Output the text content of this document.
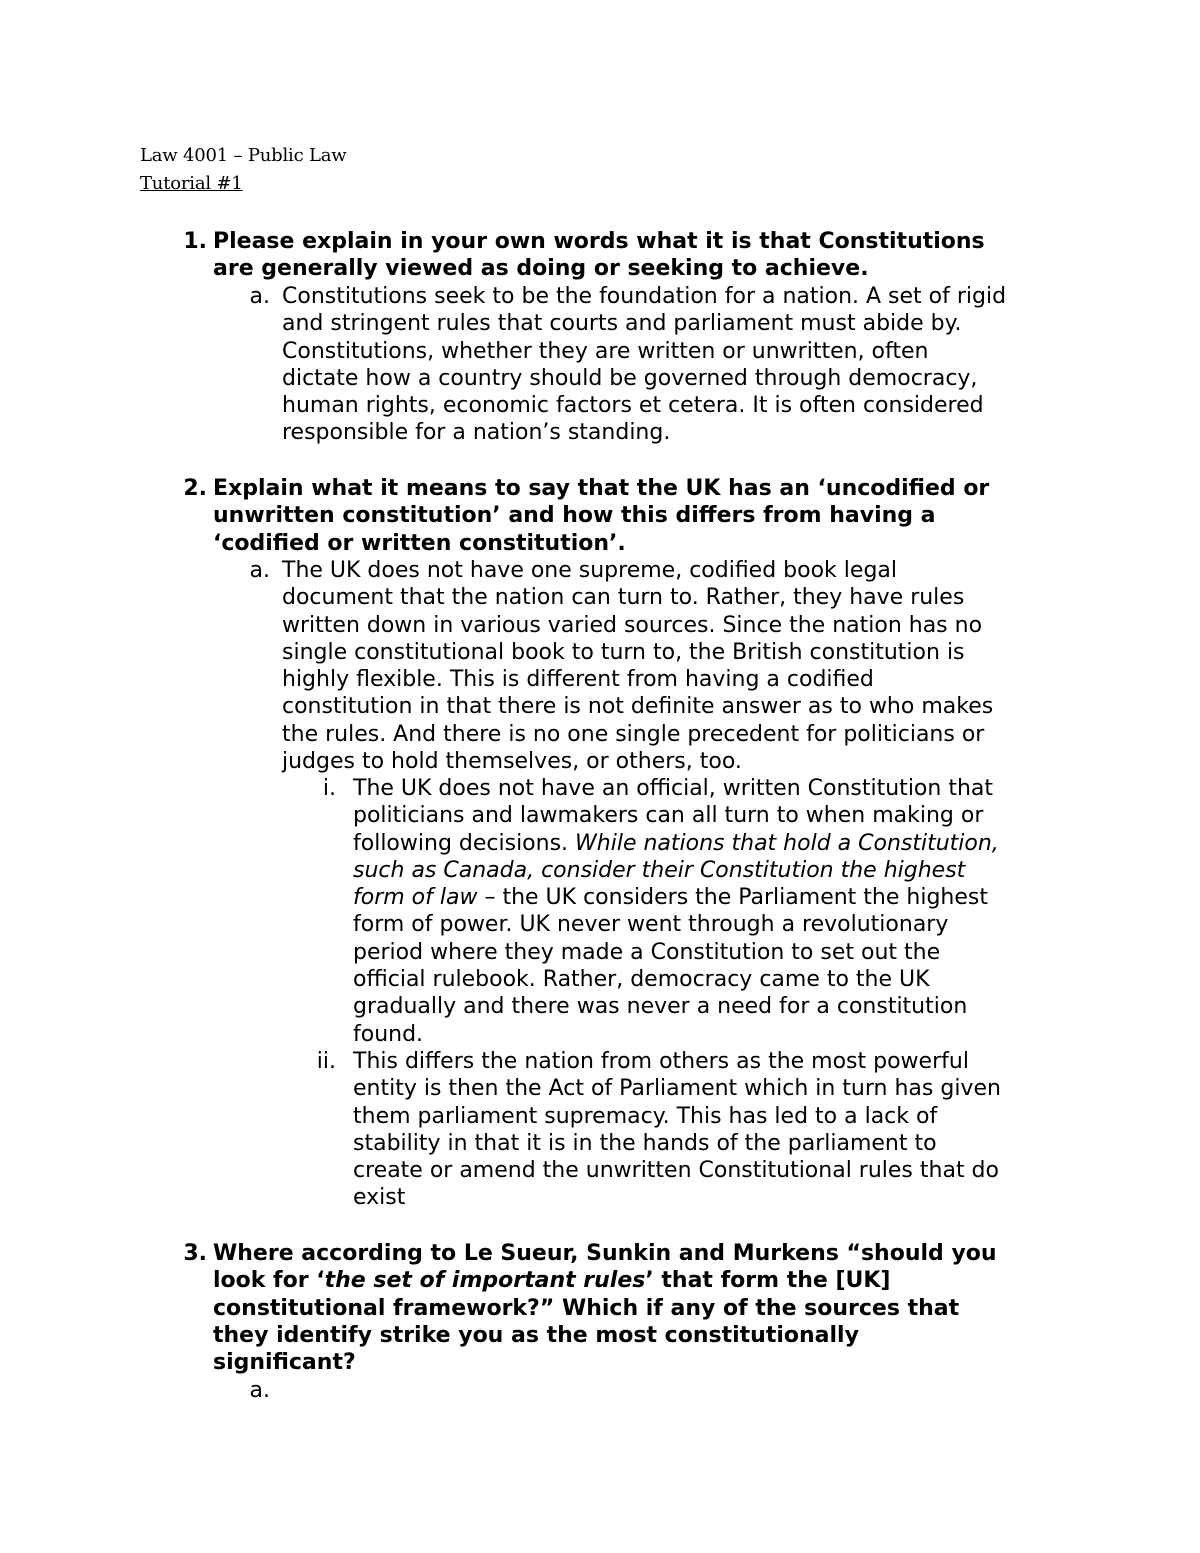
Law 4001 – Public Law
Tutorial #1
1. Please explain in your own words what it is that Constitutions
are generally viewed as doing or seeking to achieve.
a. Constitutions seek to be the foundation for a nation. A set of rigid
and stringent rules that courts and parliament must abide by.
Constitutions, whether they are written or unwritten, often
dictate how a country should be governed through democracy,
human rights, economic factors et cetera. It is often considered
responsible for a nation’s standing.
2. Explain what it means to say that the UK has an ‘uncodified or
unwritten constitution’ and how this differs from having a
‘codified or written constitution’.
a. The UK does not have one supreme, codified book legal
document that the nation can turn to. Rather, they have rules
written down in various varied sources. Since the nation has no
single constitutional book to turn to, the British constitution is
highly flexible. This is different from having a codified
constitution in that there is not definite answer as to who makes
the rules. And there is no one single precedent for politicians or
judges to hold themselves, or others, too.
i. The UK does not have an official, written Constitution that
politicians and lawmakers can all turn to when making or
following decisions. While nations that hold a Constitution,
such as Canada, consider their Constitution the highest
form of law – the UK considers the Parliament the highest
form of power. UK never went through a revolutionary
period where they made a Constitution to set out the
official rulebook. Rather, democracy came to the UK
gradually and there was never a need for a constitution
found.
ii. This differs the nation from others as the most powerful
entity is then the Act of Parliament which in turn has given
them parliament supremacy. This has led to a lack of
stability in that it is in the hands of the parliament to
create or amend the unwritten Constitutional rules that do
exist
3. Where according to Le Sueur, Sunkin and Murkens “should you
look for ‘the set of important rules’ that form the [UK]
constitutional framework?” Which if any of the sources that
they identify strike you as the most constitutionally
significant?
a.
